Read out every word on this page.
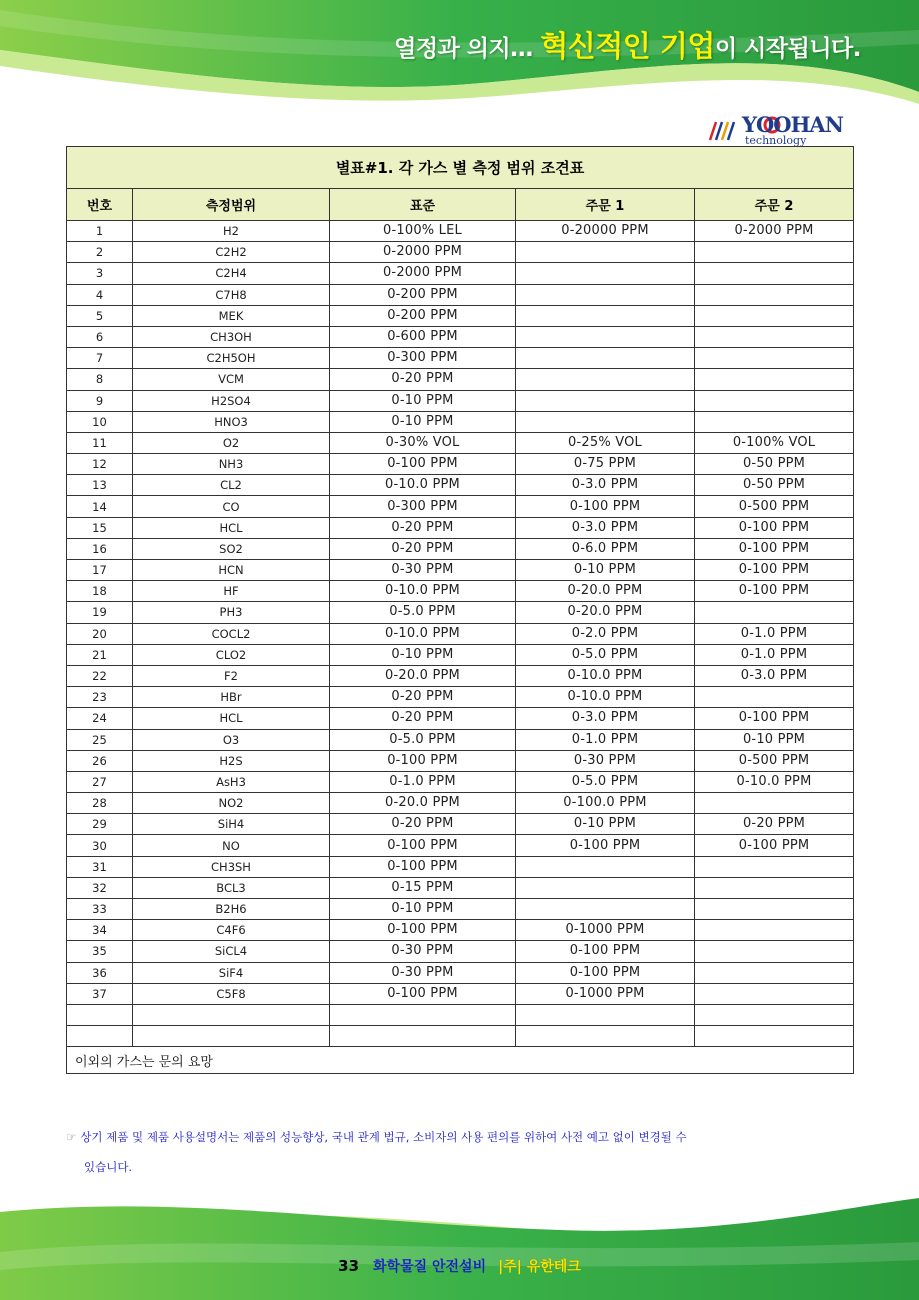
열정과 의지… 혁신적인 기업이 시작됩니다.
YOOHAN
technology
별표#1. 각 가스 별 측정 범위 조견표				
번호	측정범위	표준	주문 1	주문 2
1	H2	0-100% LEL	0-20000 PPM	0-2000 PPM
2	C2H2	0-2000 PPM		
3	C2H4	0-2000 PPM		
4	C7H8	0-200 PPM		
5	MEK	0-200 PPM		
6	CH3OH	0-600 PPM		
7	C2H5OH	0-300 PPM		
8	VCM	0-20 PPM		
9	H2SO4	0-10 PPM		
10	HNO3	0-10 PPM		
11	O2	0-30% VOL	0-25% VOL	0-100% VOL
12	NH3	0-100 PPM	0-75 PPM	0-50 PPM
13	CL2	0-10.0 PPM	0-3.0 PPM	0-50 PPM
14	CO	0-300 PPM	0-100 PPM	0-500 PPM
15	HCL	0-20 PPM	0-3.0 PPM	0-100 PPM
16	SO2	0-20 PPM	0-6.0 PPM	0-100 PPM
17	HCN	0-30 PPM	0-10 PPM	0-100 PPM
18	HF	0-10.0 PPM	0-20.0 PPM	0-100 PPM
19	PH3	0-5.0 PPM	0-20.0 PPM	
20	COCL2	0-10.0 PPM	0-2.0 PPM	0-1.0 PPM
21	CLO2	0-10 PPM	0-5.0 PPM	0-1.0 PPM
22	F2	0-20.0 PPM	0-10.0 PPM	0-3.0 PPM
23	HBr	0-20 PPM	0-10.0 PPM	
24	HCL	0-20 PPM	0-3.0 PPM	0-100 PPM
25	O3	0-5.0 PPM	0-1.0 PPM	0-10 PPM
26	H2S	0-100 PPM	0-30 PPM	0-500 PPM
27	AsH3	0-1.0 PPM	0-5.0 PPM	0-10.0 PPM
28	NO2	0-20.0 PPM	0-100.0 PPM	
29	SiH4	0-20 PPM	0-10 PPM	0-20 PPM
30	NO	0-100 PPM	0-100 PPM	0-100 PPM
31	CH3SH	0-100 PPM		
32	BCL3	0-15 PPM		
33	B2H6	0-10 PPM		
34	C4F6	0-100 PPM	0-1000 PPM	
35	SiCL4	0-30 PPM	0-100 PPM	
36	SiF4	0-30 PPM	0-100 PPM	
37	C5F8	0-100 PPM	0-1000 PPM	

이외의 가스는 문의 요망				
☞ 상기 제품 및 제품 사용설명서는 제품의 성능향상, 국내 관계 법규, 소비자의 사용 편의를 위하여 사전 예고 없이 변경될 수
있습니다.
33 화학물질 안전설비 |주| 유한테크
